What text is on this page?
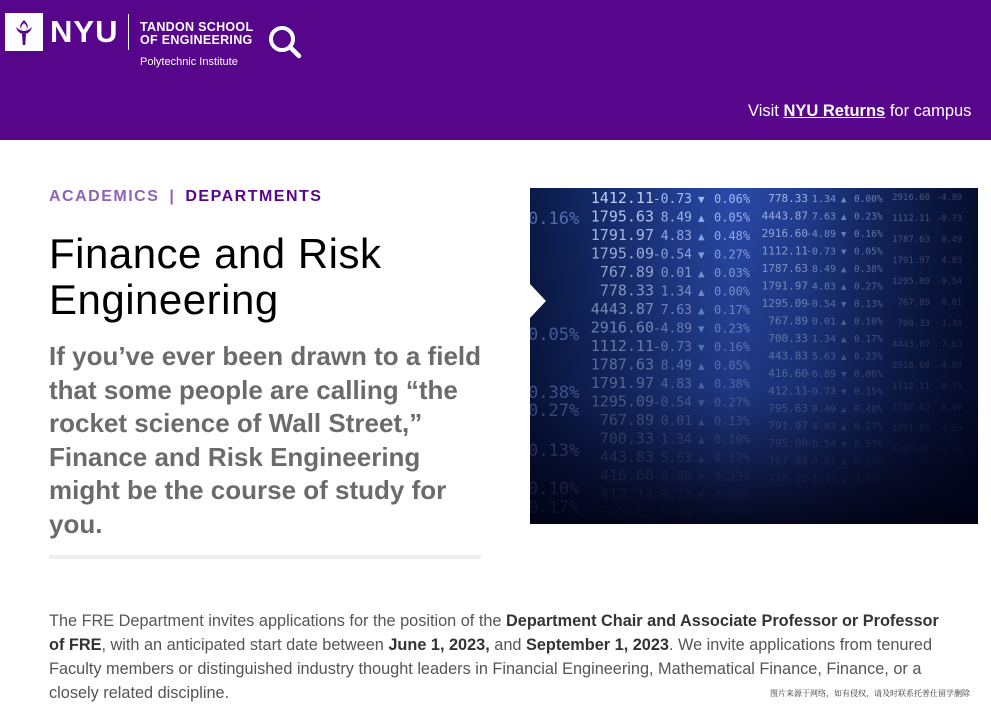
NYU TANDON SCHOOL
OF ENGINEERING
Polytechnic Institute
Visit NYU Returns for campus
ACADEMICS | DEPARTMENTS
Finance and Risk Engineering

If you’ve ever been drawn to a field that some people are calling “the rocket science of Wall Street,” Finance and Risk Engineering might be the course of study for you.

The FRE Department invites applications for the position of the Department Chair and Associate Professor or Professor of FRE, with an anticipated start date between June 1, 2023, and September 1, 2023. We invite applications from tenured Faculty members or distinguished industry thought leaders in Financial Engineering, Mathematical Finance, Finance, or a closely related discipline.	图片来源于网络，如有侵权，请及时联系托普仕留学删除
